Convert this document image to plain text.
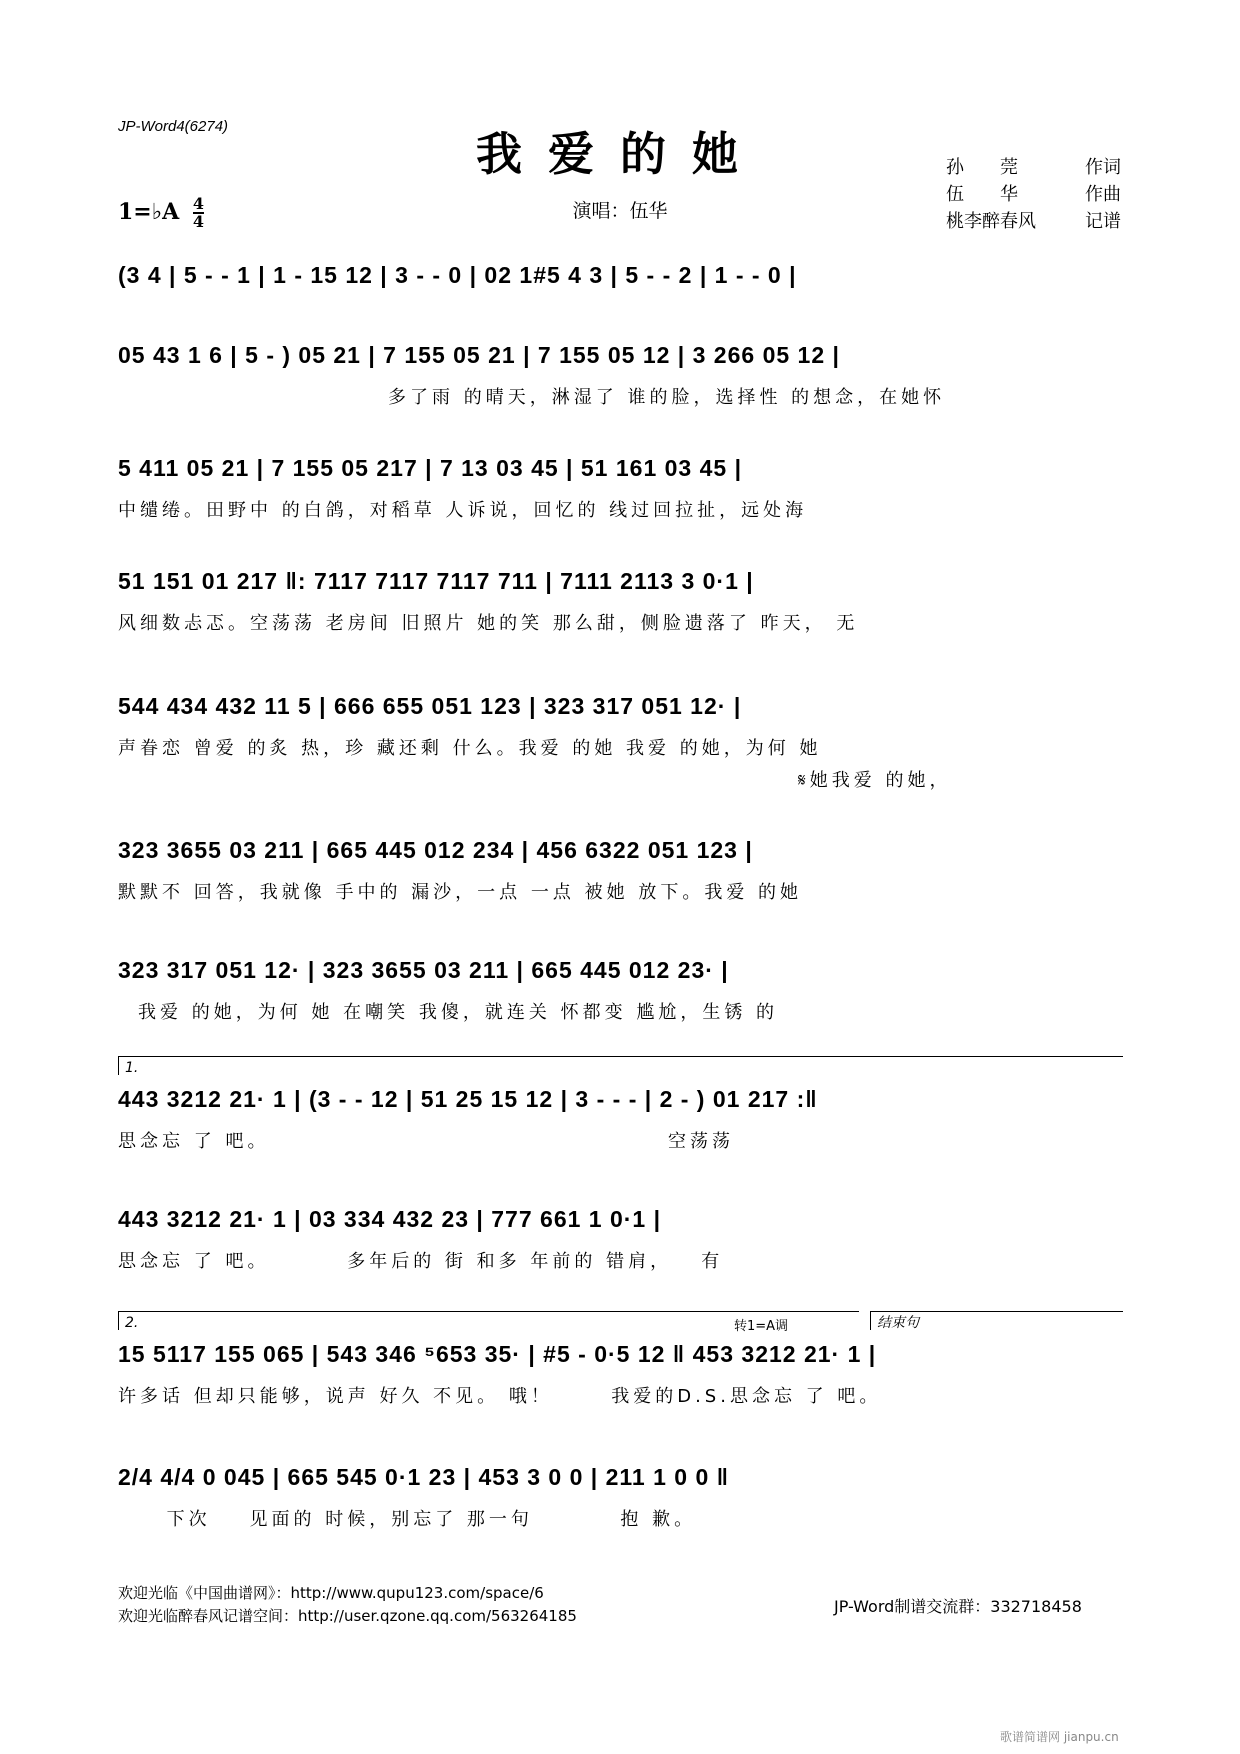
JP-Word4(6274)
我爱的她
演唱：伍华
1=♭A $\frac{4}{4}$
孙　　莞	作词
伍　　华	作曲
桃李醉春风	记谱
(3 4 | 5 - - 1 | 1 - 15 12 | 3 - - 0 | 02 1#5 4 3 | 5 - - 2 | 1 - - 0 |
05 43 1 6 | 5 - ) 05 21 | 7 155 05 21 | 7 155 05 12 | 3 266 05 12 |
多了雨 的晴天，淋湿了 谁的脸，选择性 的想念，在她怀
5 411 05 21 | 7 155 05 217 | 7 13 03 45 | 51 161 03 45 |
中缱绻。田野中 的白鸽，对稻草 人诉说，回忆的 线过回拉扯，远处海
51 151 01 217 ‖: 7117 7117 7117 711 | 7111 2113 3 0·1 |
风细数忐忑。空荡荡 老房间 旧照片 她的笑 那么甜，侧脸遗落了 昨天， 无
544 434 432 11 5 | 666 655 051 123 | 323 317 051 12· |
声眷恋 曾爱 的炙 热，珍 藏还剩 什么。我爱 的她 我爱 的她，为何 她
𝄋她我爱 的她，
323 3655 03 211 | 665 445 012 234 | 456 6322 051 123 |
默默不 回答，我就像 手中的 漏沙，一点 一点 被她 放下。我爱 的她
323 317 051 12· | 323 3655 03 211 | 665 445 012 23· |
我爱 的她，为何 她 在嘲笑 我傻，就连关 怀都变 尴尬，生锈 的
1.
443 3212 21· 1 | (3 - - 12 | 51 25 15 12 | 3 - - - | 2 - ) 01 217 :‖
思念忘 了 吧。                                         空荡荡
443 3212 21· 1 | 03 334 432 23 | 777 661 1 0·1 |
思念忘 了 吧。        多年后的 街 和多 年前的 错肩，   有
2.	结束句
转1=A调
15 5117 155 065 | 543 346 ⁵653 35· | #5 - 0·5 12 ‖ 453 3212 21· 1 |
许多话 但却只能够，说声 好久 不见。 哦！      我爱的D.S.思念忘 了 吧。
2/4 4/4 0 045 | 665 545 0·1 23 | 453 3 0 0 | 211 1 0 0 ‖
下次    见面的 时候，别忘了 那一句         抱 歉。
欢迎光临《中国曲谱网》：http://www.qupu123.com/space/6
欢迎光临醉春风记谱空间：http://user.qzone.qq.com/563264185	JP-Word制谱交流群：332718458
歌谱简谱网 jianpu.cn
